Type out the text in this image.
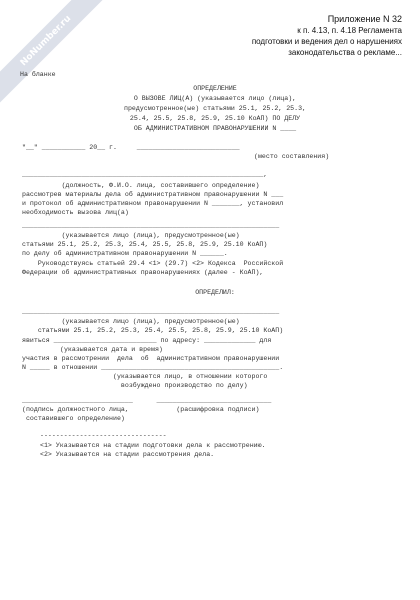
NoNumber.ru	Приложение N 32
к п. 4.13, п. 4.18 Регламента
подготовки и ведения дел о нарушениях
законодательства о рекламе...
На бланке
ОПРЕДЕЛЕНИЕ
О ВЫЗОВЕ ЛИЦ(А) (указывается лицо (лица),
предусмотренное(ые) статьями 25.1, 25.2, 25.3,
25.4, 25.5, 25.8, 25.9, 25.10 КоАП) ПО ДЕЛУ
ОБ АДМИНИСТРАТИВНОМ ПРАВОНАРУШЕНИИ N ____
"__" ___________ 20__ г.     __________________________
(место составления)
_____________________________________________________________,
(должность, Ф.И.О. лица, составившего определение)
рассмотрев материалы дела об административном правонарушении N ___
и протокол об административном правонарушении N _______, установил
необходимость вызова лиц(а)
_________________________________________________________________
(указывается лицо (лица), предусмотренное(ые)
статьями 25.1, 25.2, 25.3, 25.4, 25.5, 25.8, 25.9, 25.10 КоАП)
по делу об административном правонарушении N ______.
Руководствуясь статьей 29.4 <1> (29.7) <2> Кодекса  Российской
Федерации об административных правонарушениях (далее - КоАП),
ОПРЕДЕЛИЛ:
_________________________________________________________________
(указывается лицо (лица), предусмотренное(ые)
статьями 25.1, 25.2, 25.3, 25.4, 25.5, 25.8, 25.9, 25.10 КоАП)
явиться __________________________ по адресу: _____________ для
(указывается дата и время)
участия в рассмотрении  дела  об  административном правонарушении
N _____ в отношении _____________________________________________.
(указывается лицо, в отношении которого
возбуждено производство по делу)
____________________________      _____________________________
(подпись должностного лица,            (расшифровка подписи)
составившего определение)
--------------------------------
<1> Указывается на стадии подготовки дела к рассмотрению.
<2> Указывается на стадии рассмотрения дела.
